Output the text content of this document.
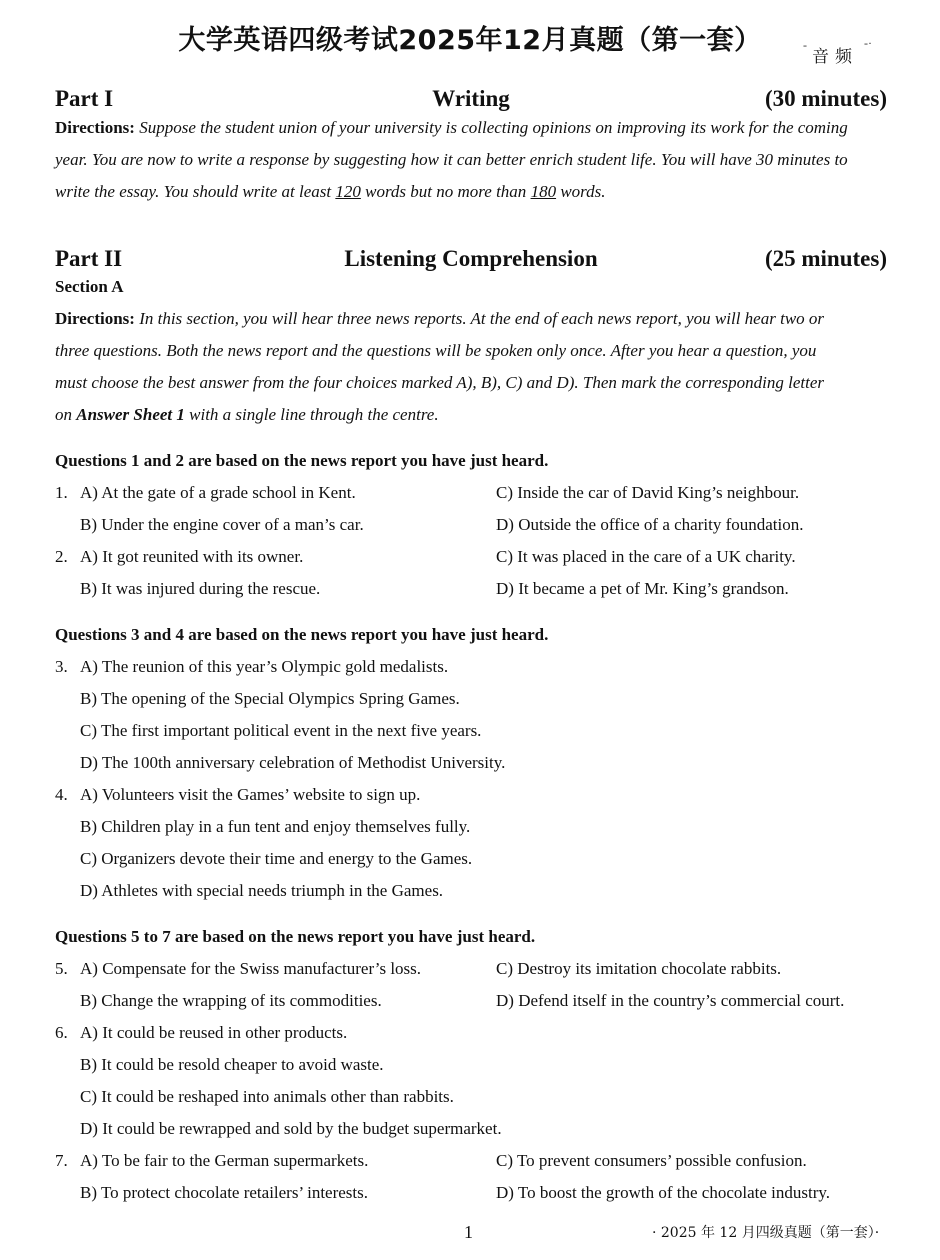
大学英语四级考试2025年12月真题（第一套）
音频
-	-·
Part I	Writing	(30 minutes)
Directions: Suppose the student union of your university is collecting opinions on improving its work for the coming
year. You are now to write a response by suggesting how it can better enrich student life. You will have 30 minutes to
write the essay. You should write at least 120 words but no more than 180 words.
Part II	Listening Comprehension	(25 minutes)
Section A
Directions: In this section, you will hear three news reports. At the end of each news report, you will hear two or
three questions. Both the news report and the questions will be spoken only once. After you hear a question, you
must choose the best answer from the four choices marked A), B), C) and D). Then mark the corresponding letter
on Answer Sheet 1 with a single line through the centre.
Questions 1 and 2 are based on the news report you have just heard.
1. A) At the gate of a grade school in Kent.	C) Inside the car of David King’s neighbour.
B) Under the engine cover of a man’s car.	D) Outside the office of a charity foundation.
2. A) It got reunited with its owner.	C) It was placed in the care of a UK charity.
B) It was injured during the rescue.	D) It became a pet of Mr. King’s grandson.
Questions 3 and 4 are based on the news report you have just heard.
3. A) The reunion of this year’s Olympic gold medalists.
B) The opening of the Special Olympics Spring Games.
C) The first important political event in the next five years.
D) The 100th anniversary celebration of Methodist University.
4. A) Volunteers visit the Games’ website to sign up.
B) Children play in a fun tent and enjoy themselves fully.
C) Organizers devote their time and energy to the Games.
D) Athletes with special needs triumph in the Games.
Questions 5 to 7 are based on the news report you have just heard.
5. A) Compensate for the Swiss manufacturer’s loss.	C) Destroy its imitation chocolate rabbits.
B) Change the wrapping of its commodities.	D) Defend itself in the country’s commercial court.
6. A) It could be reused in other products.
B) It could be resold cheaper to avoid waste.
C) It could be reshaped into animals other than rabbits.
D) It could be rewrapped and sold by the budget supermarket.
7. A) To be fair to the German supermarkets.	C) To prevent consumers’ possible confusion.
B) To protect chocolate retailers’ interests.	D) To boost the growth of the chocolate industry.
1	· 2025 年 12 月四级真题（第一套）·
